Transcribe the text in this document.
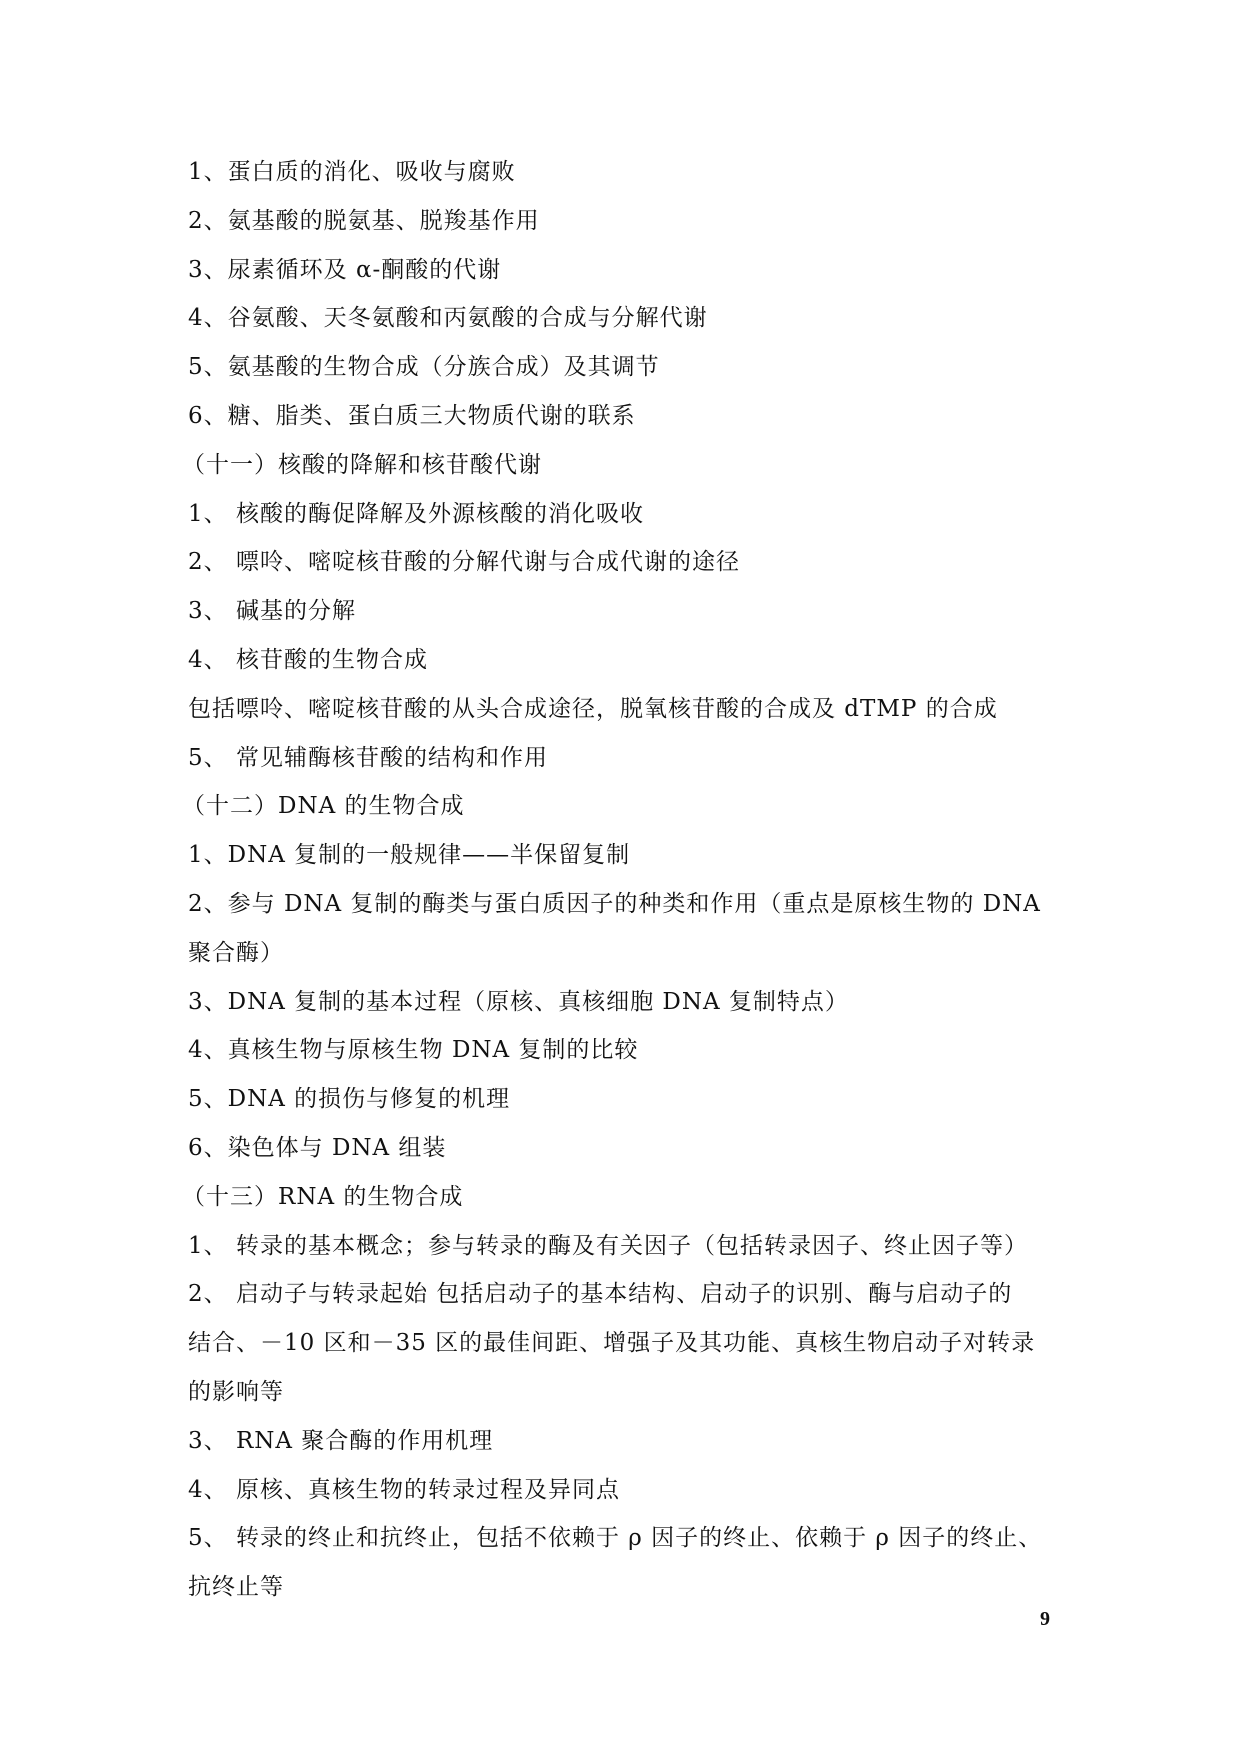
1、蛋白质的消化、吸收与腐败
2、氨基酸的脱氨基、脱羧基作用
3、尿素循环及 α-酮酸的代谢
4、谷氨酸、天冬氨酸和丙氨酸的合成与分解代谢
5、氨基酸的生物合成（分族合成）及其调节
6、糖、脂类、蛋白质三大物质代谢的联系
（十一）核酸的降解和核苷酸代谢
1、 核酸的酶促降解及外源核酸的消化吸收
2、 嘌呤、嘧啶核苷酸的分解代谢与合成代谢的途径
3、 碱基的分解
4、 核苷酸的生物合成
包括嘌呤、嘧啶核苷酸的从头合成途径，脱氧核苷酸的合成及 dTMP 的合成
5、 常见辅酶核苷酸的结构和作用
（十二）DNA 的生物合成
1、DNA 复制的一般规律——半保留复制
2、参与 DNA 复制的酶类与蛋白质因子的种类和作用（重点是原核生物的 DNA
聚合酶）
3、DNA 复制的基本过程（原核、真核细胞 DNA 复制特点）
4、真核生物与原核生物 DNA 复制的比较
5、DNA 的损伤与修复的机理
6、染色体与 DNA 组装
（十三）RNA 的生物合成
1、 转录的基本概念；参与转录的酶及有关因子（包括转录因子、终止因子等）
2、 启动子与转录起始 包括启动子的基本结构、启动子的识别、酶与启动子的
结合、－10 区和－35 区的最佳间距、增强子及其功能、真核生物启动子对转录
的影响等
3、 RNA 聚合酶的作用机理
4、 原核、真核生物的转录过程及异同点
5、 转录的终止和抗终止，包括不依赖于 ρ 因子的终止、依赖于 ρ 因子的终止、
抗终止等
9
